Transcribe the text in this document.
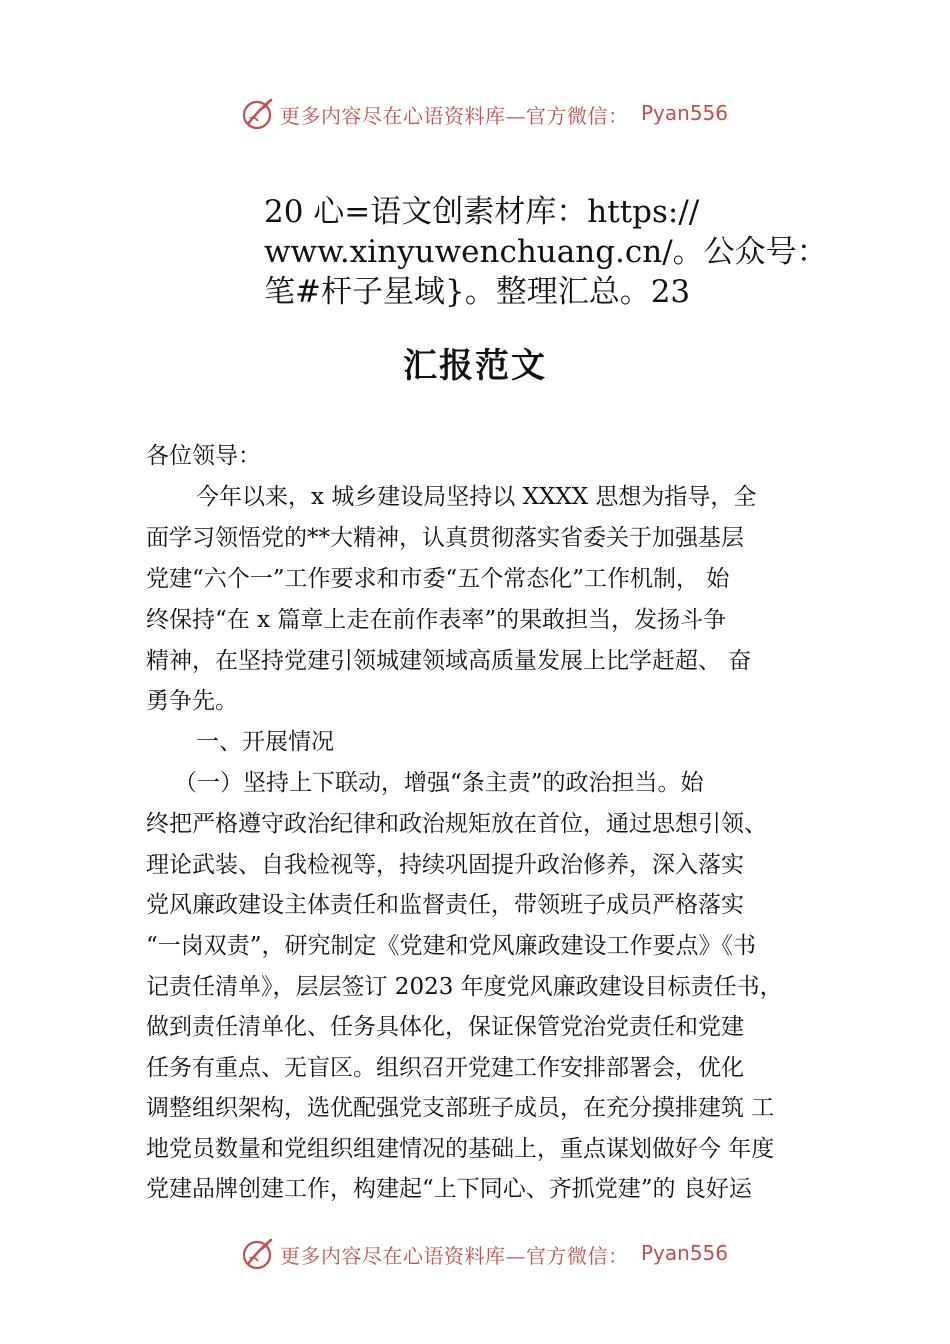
更多内容尽在心语资料库—官方微信： Pyan556
20 心=语文创素材库：https://
www.xinyuwenchuang.cn/。公众号：
笔#杆子星域}。整理汇总。23
汇报范文
各位领导：
今年以来，x 城乡建设局坚持以 XXXX 思想为指导，全
面学习领悟党的**大精神，认真贯彻落实省委关于加强基层
党建“六个一”工作要求和市委“五个常态化”工作机制， 始
终保持“在 x 篇章上走在前作表率”的果敢担当，发扬斗争
精神，在坚持党建引领城建领域高质量发展上比学赶超、 奋
勇争先。
一、开展情况
（一）坚持上下联动，增强“条主责”的政治担当。始
终把严格遵守政治纪律和政治规矩放在首位，通过思想引领、
理论武装、自我检视等，持续巩固提升政治修养，深入落实
党风廉政建设主体责任和监督责任，带领班子成员严格落实
“一岗双责”，研究制定《党建和党风廉政建设工作要点》《书
记责任清单》，层层签订 2023 年度党风廉政建设目标责任书，
做到责任清单化、任务具体化，保证保管党治党责任和党建
任务有重点、无盲区。组织召开党建工作安排部署会，优化
调整组织架构，选优配强党支部班子成员，在充分摸排建筑 工
地党员数量和党组织组建情况的基础上，重点谋划做好今 年度
党建品牌创建工作，构建起“上下同心、齐抓党建”的 良好运
更多内容尽在心语资料库—官方微信： Pyan556
